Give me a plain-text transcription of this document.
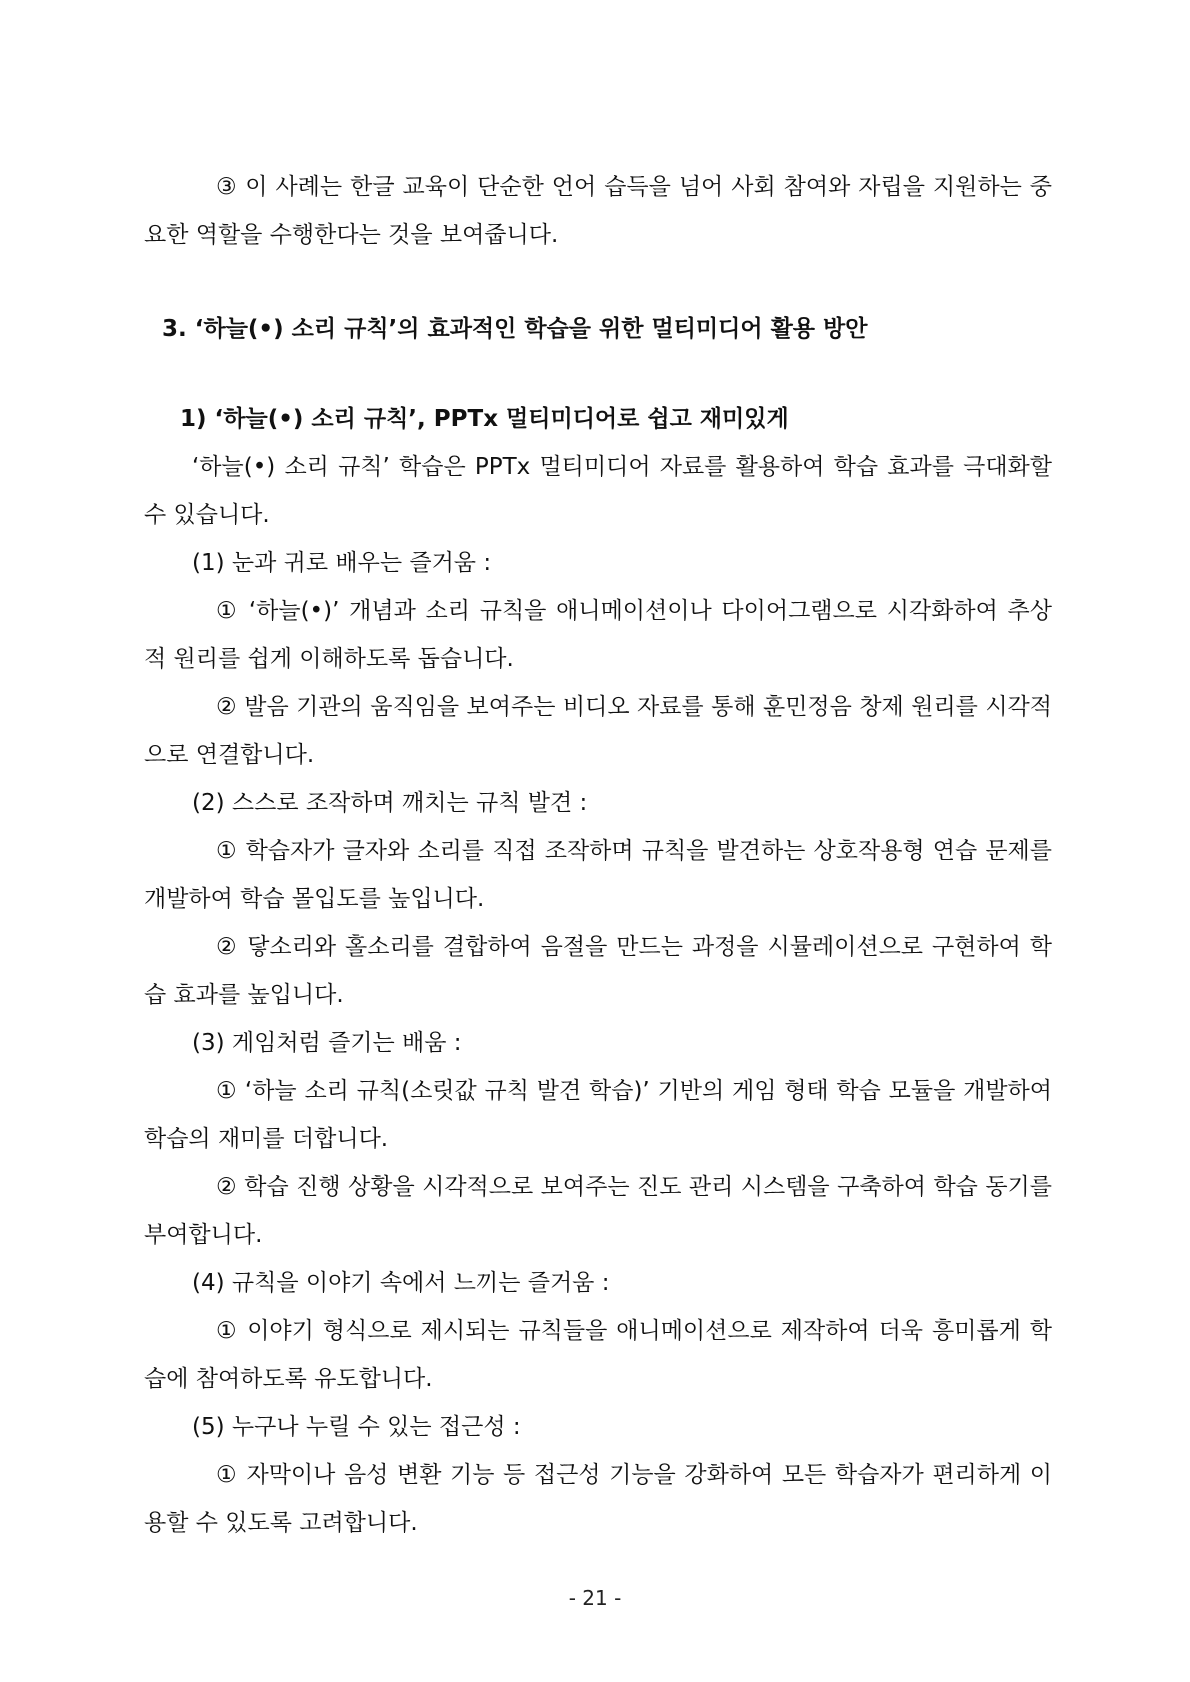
③ 이 사례는 한글 교육이 단순한 언어 습득을 넘어 사회 참여와 자립을 지원하는 중요한 역할을 수행한다는 것을 보여줍니다.

3. ‘하늘(•) 소리 규칙’의 효과적인 학습을 위한 멀티미디어 활용 방안
1) ‘하늘(•) 소리 규칙’, PPTx 멀티미디어로 쉽고 재미있게

‘하늘(•) 소리 규칙’ 학습은 PPTx 멀티미디어 자료를 활용하여 학습 효과를 극대화할 수 있습니다.

(1) 눈과 귀로 배우는 즐거움 :

① ‘하늘(•)’ 개념과 소리 규칙을 애니메이션이나 다이어그램으로 시각화하여 추상적 원리를 쉽게 이해하도록 돕습니다.

② 발음 기관의 움직임을 보여주는 비디오 자료를 통해 훈민정음 창제 원리를 시각적으로 연결합니다.

(2) 스스로 조작하며 깨치는 규칙 발견 :

① 학습자가 글자와 소리를 직접 조작하며 규칙을 발견하는 상호작용형 연습 문제를 개발하여 학습 몰입도를 높입니다.

② 닿소리와 홀소리를 결합하여 음절을 만드는 과정을 시뮬레이션으로 구현하여 학습 효과를 높입니다.

(3) 게임처럼 즐기는 배움 :

① ‘하늘 소리 규칙(소릿값 규칙 발견 학습)’ 기반의 게임 형태 학습 모듈을 개발하여 학습의 재미를 더합니다.

② 학습 진행 상황을 시각적으로 보여주는 진도 관리 시스템을 구축하여 학습 동기를 부여합니다.

(4) 규칙을 이야기 속에서 느끼는 즐거움 :

① 이야기 형식으로 제시되는 규칙들을 애니메이션으로 제작하여 더욱 흥미롭게 학습에 참여하도록 유도합니다.

(5) 누구나 누릴 수 있는 접근성 :

① 자막이나 음성 변환 기능 등 접근성 기능을 강화하여 모든 학습자가 편리하게 이용할 수 있도록 고려합니다.

- 21 -
